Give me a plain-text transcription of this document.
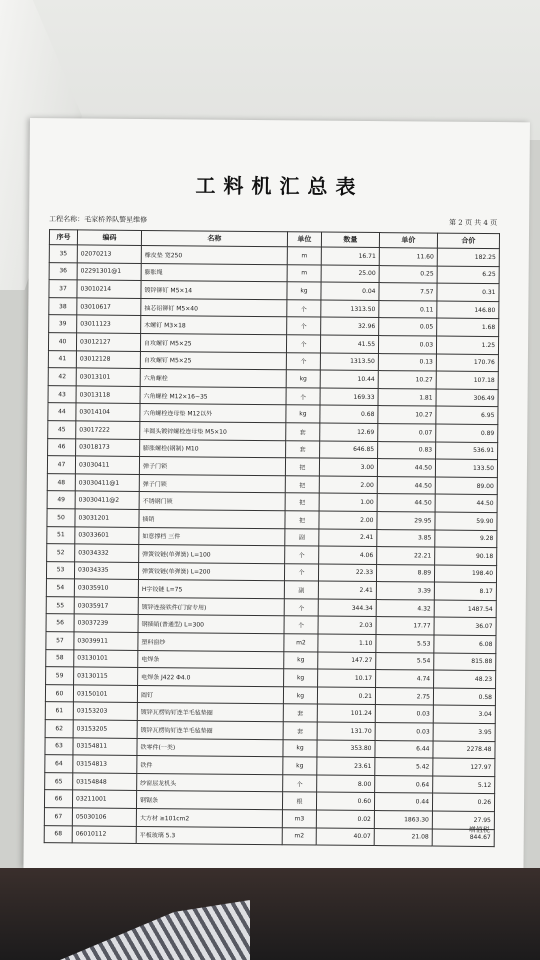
工料机汇总表
工程名称：毛家桥养队警星维修	第 2 页 共 4 页
序号	编码	名称	单位	数量	单价	合价
35	02070213	橡皮垫 宽250	m	16.71	11.60	182.25
36	02291301@1	膨胀绳	m	25.00	0.25	6.25
37	03010214	镀锌铆钉 M5×14	kg	0.04	7.57	0.31
38	03010617	抽芯铝铆钉 M5×40	个	1313.50	0.11	146.80
39	03011123	木螺钉 M3×18	个	32.96	0.05	1.68
40	03012127	自攻螺钉 M5×25	个	41.55	0.03	1.25
41	03012128	自攻螺钉 M5×25	个	1313.50	0.13	170.76
42	03013101	六角螺栓	kg	10.44	10.27	107.18
43	03013118	六角螺栓 M12×16~35	个	169.33	1.81	306.49
44	03014104	六角螺栓连母垫 M12以外	kg	0.68	10.27	6.95
45	03017222	半圆头镀锌螺栓连母垫 M5×10	套	12.69	0.07	0.89
46	03018173	膨胀螺栓(钢制) M10	套	646.85	0.83	536.91
47	03030411	弹子门锁	把	3.00	44.50	133.50
48	03030411@1	弹子门锁	把	2.00	44.50	89.00
49	03030411@2	不锈钢门锁	把	1.00	44.50	44.50
50	03031201	插销	把	2.00	29.95	59.90
51	03033601	如意撑档 三件	副	2.41	3.85	9.28
52	03034332	弹簧铰链(单弹簧) L=100	个	4.06	22.21	90.18
53	03034335	弹簧铰链(单弹簧) L=200	个	22.33	8.89	198.40
54	03035910	H字铰链 L=75	副	2.41	3.39	8.17
55	03035917	镀锌连接铁件(门窗专用)	个	344.34	4.32	1487.54
56	03037239	钢插销(普通型) L=300	个	2.03	17.77	36.07
57	03039911	塑料窗纱	m2	1.10	5.53	6.08
58	03130101	电焊条	kg	147.27	5.54	815.88
59	03130115	电焊条 J422 Φ4.0	kg	10.17	4.74	48.23
60	03150101	圆钉	kg	0.21	2.75	0.58
61	03153203	镀锌瓦楞钩钉连羊毛毡垫圈	套	101.24	0.03	3.04
62	03153205	镀锌瓦楞钩钉连羊毛毡垫圈	套	131.70	0.03	3.95
63	03154811	铁零件(一类)	kg	353.80	6.44	2278.48
64	03154813	铁件	kg	23.61	5.42	127.97
65	03154848	纱窗层龙机头	个	8.00	0.64	5.12
66	03211001	钢锯条	根	0.60	0.44	0.26
67	05030106	大方材 ≥101cm2	m3	0.02	1863.30	27.95
68	06010112	平板玻璃 5.3	m2	40.07	21.08	844.67
增值税
